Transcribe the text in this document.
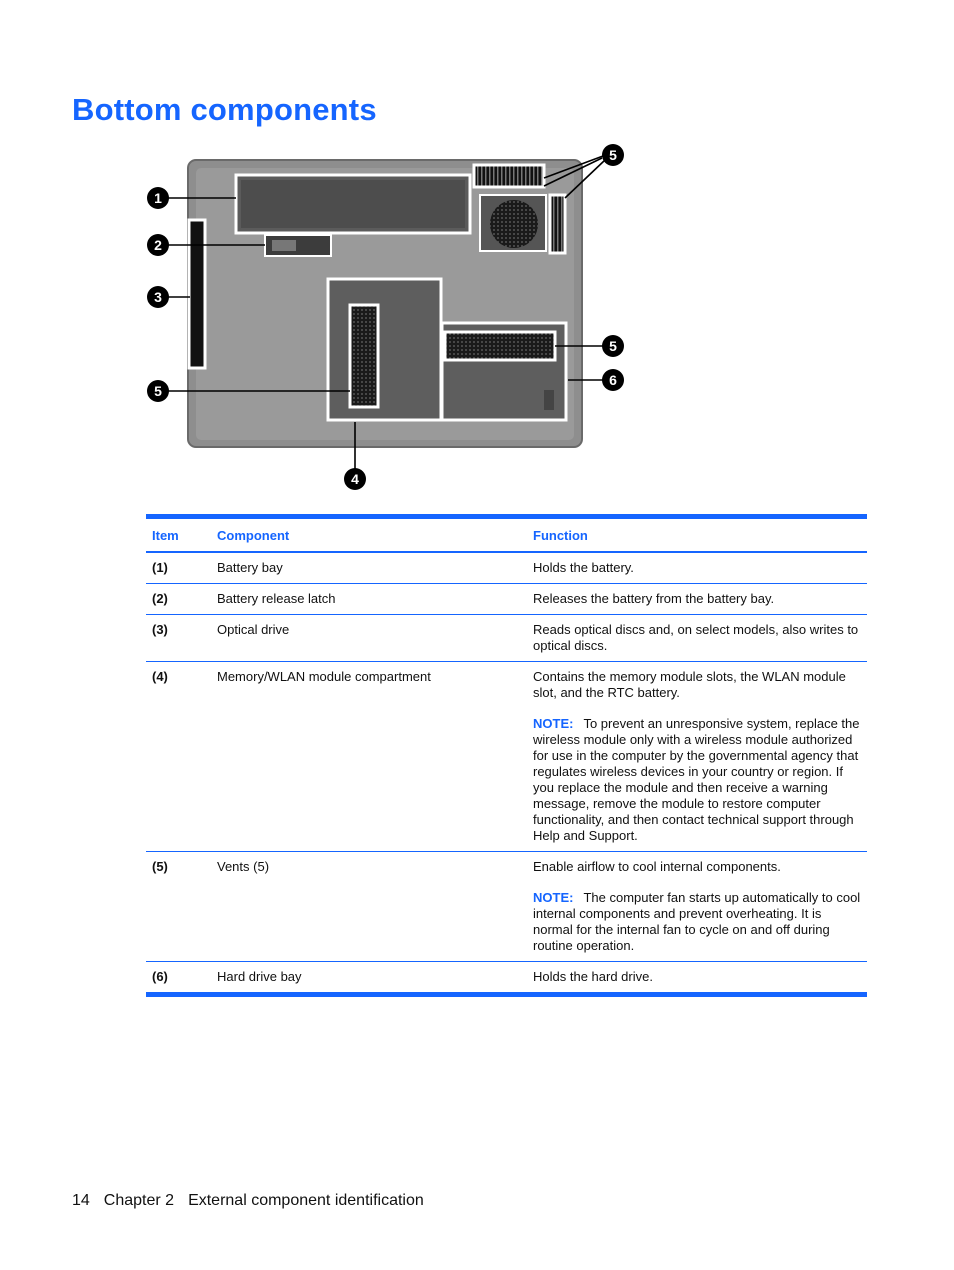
Bottom components
1
2
3
5
5
5
6
4
Item	Component	Function
(1)	Battery bay	Holds the battery.
(2)	Battery release latch	Releases the battery from the battery bay.
(3)	Optical drive	Reads optical discs and, on select models, also writes to optical discs.
(4)	Memory/WLAN module compartment	Contains the memory module slots, the WLAN module slot, and the RTC battery.
NOTE: To prevent an unresponsive system, replace the wireless module only with a wireless module authorized for use in the computer by the governmental agency that regulates wireless devices in your country or region. If you replace the module and then receive a warning message, remove the module to restore computer functionality, and then contact technical support through Help and Support.

(5)	Vents (5)	Enable airflow to cool internal components.
NOTE: The computer fan starts up automatically to cool internal components and prevent overheating. It is normal for the internal fan to cycle on and off during routine operation.

(6)	Hard drive bay	Holds the hard drive.
14 Chapter 2 External component identification
